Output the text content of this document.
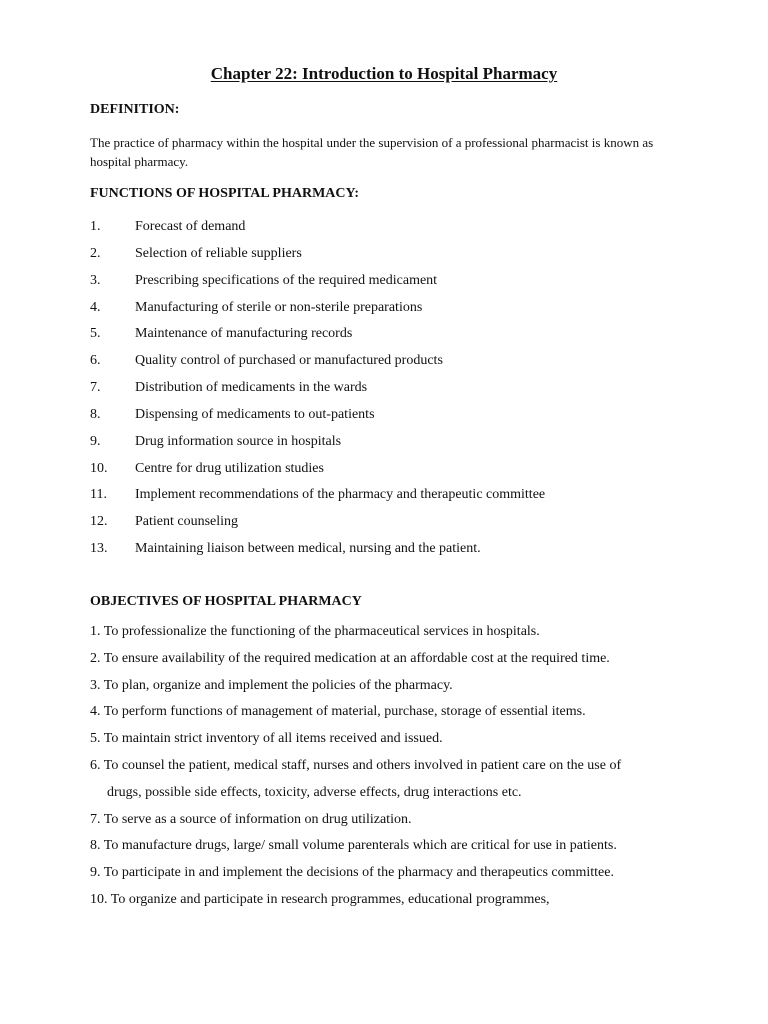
Chapter 22: Introduction to Hospital Pharmacy
DEFINITION:
The practice of pharmacy within the hospital under the supervision of a professional pharmacist is known as hospital pharmacy.
FUNCTIONS OF HOSPITAL PHARMACY:
1. Forecast of demand
2. Selection of reliable suppliers
3. Prescribing specifications of the required medicament
4. Manufacturing of sterile or non-sterile preparations
5. Maintenance of manufacturing records
6. Quality control of purchased or manufactured products
7. Distribution of medicaments in the wards
8. Dispensing of medicaments to out-patients
9. Drug information source in hospitals
10. Centre for drug utilization studies
11. Implement recommendations of the pharmacy and therapeutic committee
12. Patient counseling
13. Maintaining liaison between medical, nursing and the patient.
OBJECTIVES OF HOSPITAL PHARMACY
1. To professionalize the functioning of the pharmaceutical services in hospitals.
2. To ensure availability of the required medication at an affordable cost at the required time.
3. To plan, organize and implement the policies of the pharmacy.
4. To perform functions of management of material, purchase, storage of essential items.
5. To maintain strict inventory of all items received and issued.
6. To counsel the patient, medical staff, nurses and others involved in patient care on the use of
drugs, possible side effects, toxicity, adverse effects, drug interactions etc.
7. To serve as a source of information on drug utilization.
8. To manufacture drugs, large/ small volume parenterals which are critical for use in patients.
9. To participate in and implement the decisions of the pharmacy and therapeutics committee.
10. To organize and participate in research programmes, educational programmes,
